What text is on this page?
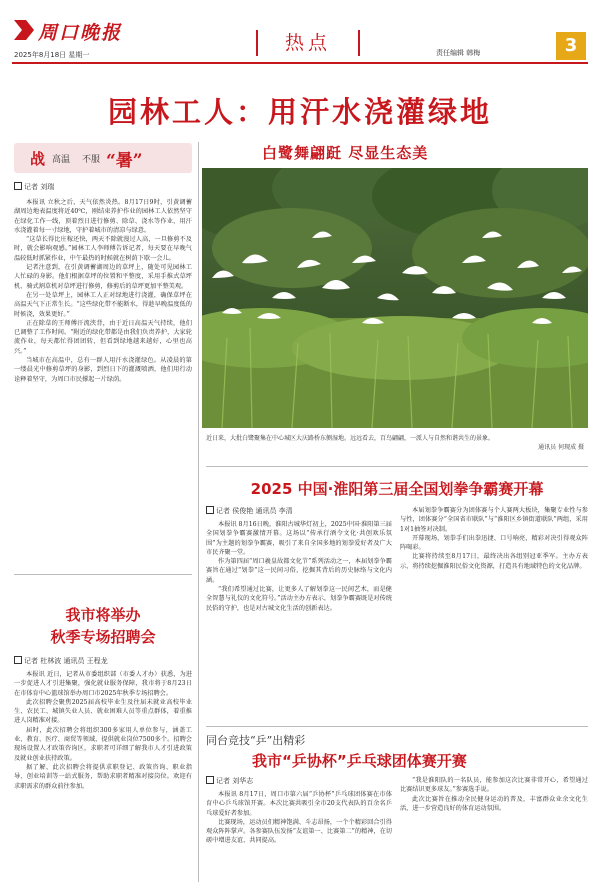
周口晚报
2025年8月18日 星期一
热点	责任编辑 韩梅	3
园林工人：用汗水浇灌绿地
战 高温 不服 “暑”
记者 刘瑞

本报讯 立秋之后，天气依然炎热。8月17日9时，引黄调蓄湖周边地表温度将近40℃，刚结束养护作业的园林工人依然坚守在绿化工作一线，顶着烈日进行修剪、除草、浇水等作业，用汗水浇灌着每一寸绿地，守护着城市的清凉与绿意。

“这草长得比庄稼还快，两天不除就漫过人高，一旦修剪不及时，就会影响观感。”园林工人李师傅告诉记者，每天要在早晚气温较低时抓紧作业，中午最热的时候就在树荫下歇一会儿。

记者注意到，在引黄调蓄湖周边的草坪上，随处可见园林工人忙碌的身影。他们根据草坪的位置和平整度，采用手推式草坪机、骑式割草机对草坪进行修剪，修剪后的草坪更加平整美观。

在另一处草坪上，园林工人正对绿地进行浇灌，确保草坪在高温天气下正常生长。“这些绿化带不能断水，得趁早晚温度低的时候浇，效果更好。”

正在除草的王师傅汗流浃背，由于近日高温天气持续，他们已调整了工作时间。“附近的绿化带都是由我们负责养护，大家轮流作业，每天都忙得团团转，但看到绿地越来越好，心里也高兴。”

当城市在高温中，总有一群人用汗水浇灌绿色。从凌晨的第一缕晨光中修剪草坪的身影，到烈日下的灌溉喷洒，他们用行动诠释着坚守，为周口市民撑起一片绿荫。

白鹭舞翩跹 尽显生态美
近日来，大批白鹭聚集在中心城区大庆路桥东侧湿地。远远看去，百鸟翩翩，一派人与自然和谐共生的景象。
通讯员 何现成 摄
2025 中国·淮阳第三届全国划拳争霸赛开幕
记者 侯俊艳 通讯员 李清

本报讯 8月16日晚，淮阳古城华灯初上，2025中国·淮阳第三届全国划拳争霸赛激情开幕。这场以“传承行酒令文化·共创欢乐氛围”为主题的划拳争霸赛，吸引了来自全国多地的划拳爱好者及广大市民齐聚一堂。

作为第四届“周口羲皇故都文化节”系列活动之一，本届划拳争霸赛旨在通过“划拳”这一民间习俗，挖掘其背后的历史脉络与文化内涵。

“我们希望通过比赛，让更多人了解划拳这一民间艺术，而是健全智慧与礼仪的文化符号。”活动主办方表示，划拳争霸赛既是对传统民俗的守护，也是对古城文化生活的创新表达。

本届划拳争霸赛分为团体赛与个人赛两大板块，集聚专业性与参与性，团体赛分“全国省市联队”与“淮阳区乡镇街道联队”两组，采用1对1抽签对决制。

开幕现场，划拳手们出拳迅捷、口号响亮，精彩对决引得观众阵阵喝彩。

比赛将持续至8月17日，最终决出各组别冠亚季军。主办方表示，将持续挖掘淮阳民俗文化资源，打造具有地域特色的文化品牌。

我市将举办
秋季专场招聘会
记者 杜林波 通讯员 王程龙

本报讯 近日，记者从市委组织部（市委人才办）获悉，为进一步促进人才引进集聚，强化就业服务保障，我市将于8月23日在市体育中心篮球馆举办周口市2025年秋季专场招聘会。

此次招聘会聚焦2025届高校毕业生及往届未就业高校毕业生、农民工、城镇失业人员、就业困难人员等重点群体，着重推进人岗精准对接。

届时，此次招聘会将组织300多家用人单位参与，涵盖工业、教育、医疗、商贸等领域，提供就业岗位7500多个。招聘会现场设置人才政策咨询区，求职者可详细了解我市人才引进政策及就业创业扶持政策。

据了解，此次招聘会将提供求职登记、政策咨询、职业指导、创业培训等一站式服务，帮助求职者精准对接岗位。欢迎有求职需求的群众前往参加。

同台竞技“乒”出精彩
我市“乒协杯”乒乓球团体赛开赛
记者 刘华志

本报讯 8月17日，周口市第六届“乒协杯”乒乓球团体赛在市体育中心乒乓球馆开赛。本次比赛共吸引全市20支代表队的百余名乒乓球爱好者参加。

比赛现场，运动员们精神饱满、斗志昂扬，一个个精彩回合引得观众阵阵掌声。各参赛队伍发扬“友谊第一、比赛第二”的精神，在切磋中增进友谊、共同提高。

“我是淮阳队的一名队员，能参加这次比赛非常开心，希望通过比赛结识更多球友。”参赛选手说。

此次比赛旨在推动全民健身运动的普及，丰富群众业余文化生活，进一步营造良好的体育运动氛围。
